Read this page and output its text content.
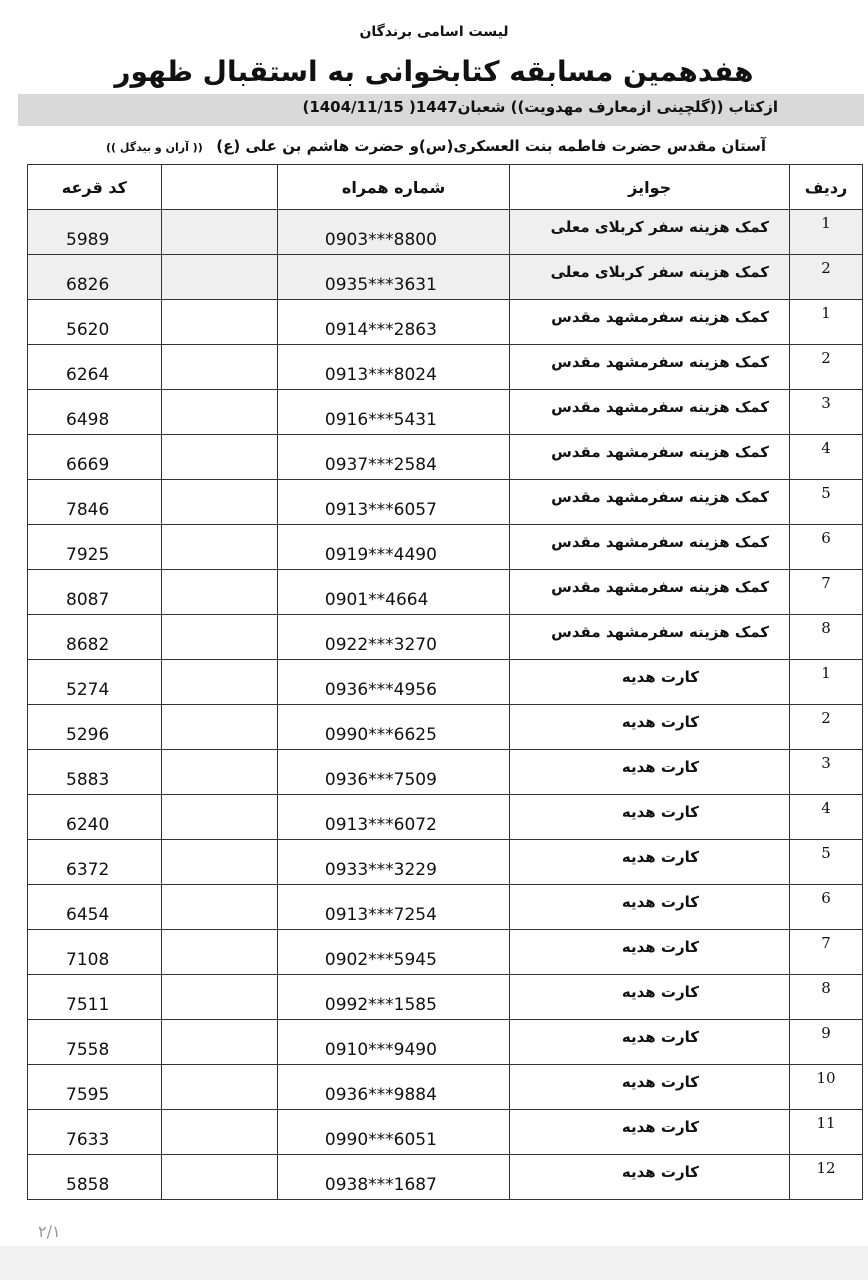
لیست اسامی برندگان
هفدهمین مسابقه کتابخوانی به استقبال ظهور
ازکتاب ((گلچینی ازمعارف مهدویت)) شعبان1447( 1404/11/15)
آستان مقدس حضرت فاطمه بنت العسکری(س)و حضرت هاشم بن علی (ع) (( آران و بیدگل ))
ردیف	جوایز	شماره همراه		کد قرعه

1	کمک هزینه سفر کربلای معلی	0903***8800		5989

2	کمک هزینه سفر کربلای معلی	0935***3631		6826

1	کمک هزینه سفرمشهد مقدس	0914***2863		5620

2	کمک هزینه سفرمشهد مقدس	0913***8024		6264

3	کمک هزینه سفرمشهد مقدس	0916***5431		6498

4	کمک هزینه سفرمشهد مقدس	0937***2584		6669

5	کمک هزینه سفرمشهد مقدس	0913***6057		7846

6	کمک هزینه سفرمشهد مقدس	0919***4490		7925

7	کمک هزینه سفرمشهد مقدس	0901**4664		8087

8	کمک هزینه سفرمشهد مقدس	0922***3270		8682

1	کارت هدیه	0936***4956		5274

2	کارت هدیه	0990***6625		5296

3	کارت هدیه	0936***7509		5883

4	کارت هدیه	0913***6072		6240

5	کارت هدیه	0933***3229		6372

6	کارت هدیه	0913***7254		6454

7	کارت هدیه	0902***5945		7108

8	کارت هدیه	0992***1585		7511

9	کارت هدیه	0910***9490		7558

10	کارت هدیه	0936***9884		7595

11	کارت هدیه	0990***6051		7633

12	کارت هدیه	0938***1687		5858
۲/۱
